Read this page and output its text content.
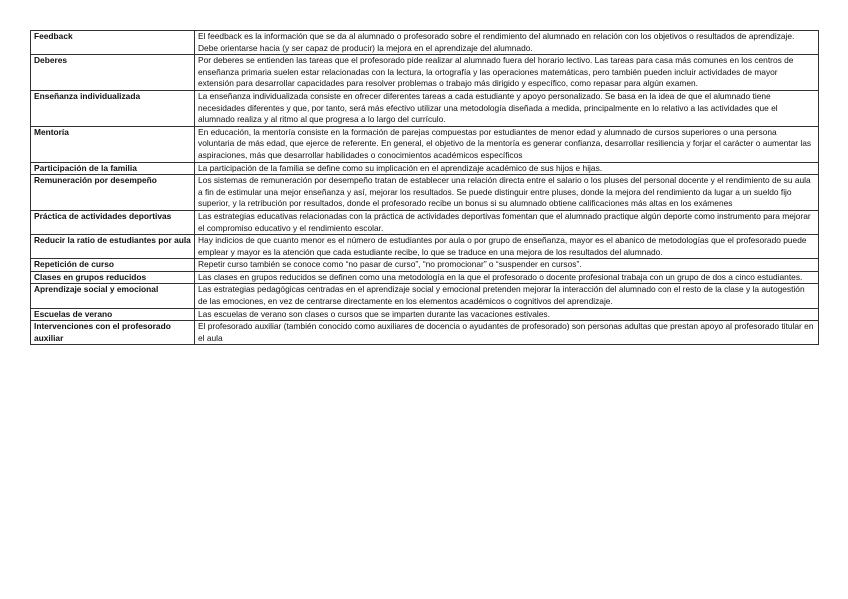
Feedback	El feedback es la información que se da al alumnado o profesorado sobre el rendimiento del alumnado en relación con los objetivos o resultados de aprendizaje. Debe orientarse hacia (y ser capaz de producir) la mejora en el aprendizaje del alumnado.
Deberes	Por deberes se entienden las tareas que el profesorado pide realizar al alumnado fuera del horario lectivo. Las tareas para casa más comunes en los centros de enseñanza primaria suelen estar relacionadas con la lectura, la ortografía y las operaciones matemáticas, pero también pueden incluir actividades de mayor extensión para desarrollar capacidades para resolver problemas o trabajo más dirigido y específico, como repasar para algún examen.
Enseñanza individualizada	La enseñanza individualizada consiste en ofrecer diferentes tareas a cada estudiante y apoyo personalizado. Se basa en la idea de que el alumnado tiene necesidades diferentes y que, por tanto, será más efectivo utilizar una metodología diseñada a medida, principalmente en lo relativo a las actividades que el alumnado realiza y al ritmo al que progresa a lo largo del currículo.
Mentoría	En educación, la mentoría consiste en la formación de parejas compuestas por estudiantes de menor edad y alumnado de cursos superiores o una persona voluntaria de más edad, que ejerce de referente. En general, el objetivo de la mentoría es generar confianza, desarrollar resiliencia y forjar el carácter o aumentar las aspiraciones, más que desarrollar habilidades o conocimientos académicos específicos
Participación de la familia	La participación de la familia se define como su implicación en el aprendizaje académico de sus hijos e hijas.
Remuneración por desempeño	Los sistemas de remuneración por desempeño tratan de establecer una relación directa entre el salario o los pluses del personal docente y el rendimiento de su aula a fin de estimular una mejor enseñanza y así, mejorar los resultados. Se puede distinguir entre pluses, donde la mejora del rendimiento da lugar a un sueldo fijo superior, y la retribución por resultados, donde el profesorado recibe un bonus si su alumnado obtiene calificaciones más altas en los exámenes
Práctica de actividades deportivas	Las estrategias educativas relacionadas con la práctica de actividades deportivas fomentan que el alumnado practique algún deporte como instrumento para mejorar el compromiso educativo y el rendimiento escolar.
Reducir la ratio de estudiantes por aula	Hay indicios de que cuanto menor es el número de estudiantes por aula o por grupo de enseñanza, mayor es el abanico de metodologías que el profesorado puede emplear y mayor es la atención que cada estudiante recibe, lo que se traduce en una mejora de los resultados del alumnado.
Repetición de curso	Repetir curso también se conoce como “no pasar de curso”, “no promocionar” o “suspender en cursos”.
Clases en grupos reducidos	Las clases en grupos reducidos se definen como una metodología en la que el profesorado o docente profesional trabaja con un grupo de dos a cinco estudiantes.
Aprendizaje social y emocional	Las estrategias pedagógicas centradas en el aprendizaje social y emocional pretenden mejorar la interacción del alumnado con el resto de la clase y la autogestión de las emociones, en vez de centrarse directamente en los elementos académicos o cognitivos del aprendizaje.
Escuelas de verano	Las escuelas de verano son clases o cursos que se imparten durante las vacaciones estivales.
Intervenciones con el profesorado auxiliar	El profesorado auxiliar (también conocido como auxiliares de docencia o ayudantes de profesorado) son personas adultas que prestan apoyo al profesorado titular en el aula
